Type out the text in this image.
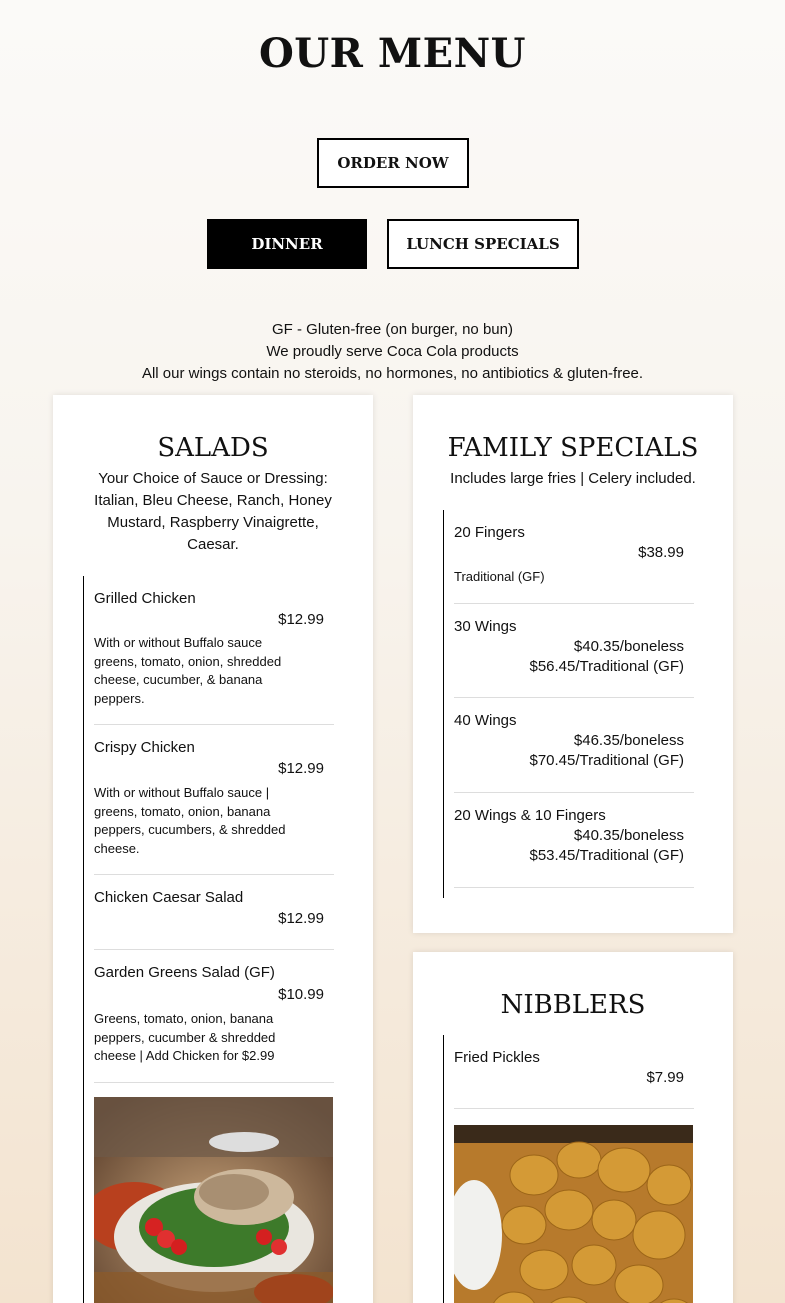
OUR MENU
ORDER NOW
DINNER	LUNCH SPECIALS
GF - Gluten-free (on burger, no bun)
We proudly serve Coca Cola products
All our wings contain no steroids, no hormones, no antibiotics & gluten-free.
SALADS
Your Choice of Sauce or Dressing:
Italian, Bleu Cheese, Ranch, Honey
Mustard, Raspberry Vinaigrette,
Caesar.
Grilled Chicken
$12.99
With or without Buffalo sauce
greens, tomato, onion, shredded
cheese, cucumber, & banana
peppers.
Crispy Chicken
$12.99
With or without Buffalo sauce |
greens, tomato, onion, banana
peppers, cucumbers, & shredded
cheese.
Chicken Caesar Salad
$12.99
Garden Greens Salad (GF)
$10.99
Greens, tomato, onion, banana
peppers, cucumber & shredded
cheese | Add Chicken for $2.99
FAMILY SPECIALS
Includes large fries | Celery included.
20 Fingers
$38.99
Traditional (GF)
30 Wings
$40.35/boneless
$56.45/Traditional (GF)
40 Wings
$46.35/boneless
$70.45/Traditional (GF)
20 Wings & 10 Fingers
$40.35/boneless
$53.45/Traditional (GF)
NIBBLERS
Fried Pickles
$7.99
